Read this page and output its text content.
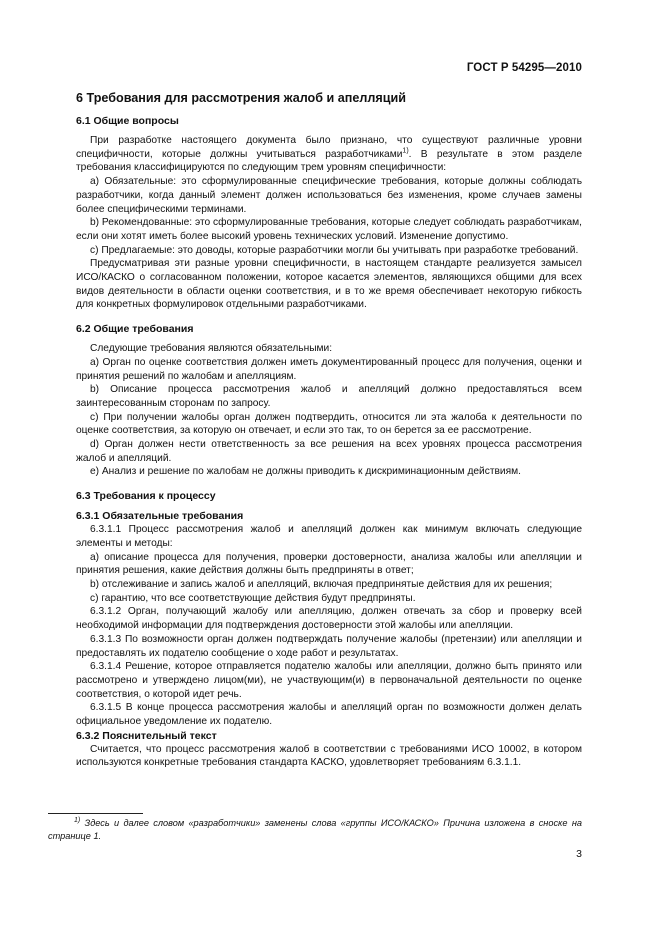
ГОСТ Р 54295—2010
6 Требования для рассмотрения жалоб и апелляций
6.1 Общие вопросы

При разработке настоящего документа было признано, что существуют различные уровни специфичности, которые должны учитываться разработчиками$^{1)}$. В результате в этом разделе требования классифицируются по следующим трем уровням специфичности:

а) Обязательные: это сформулированные специфические требования, которые должны соблюдать разработчики, когда данный элемент должен использоваться без изменения, кроме случаев замены более специфическими терминами.

b) Рекомендованные: это сформулированные требования, которые следует соблюдать разработчикам, если они хотят иметь более высокий уровень технических условий. Изменение допустимо.

с) Предлагаемые: это доводы, которые разработчики могли бы учитывать при разработке требований.

Предусматривая эти разные уровни специфичности, в настоящем стандарте реализуется замысел ИСО/КАСКО о согласованном положении, которое касается элементов, являющихся общими для всех видов деятельности в области оценки соответствия, и в то же время обеспечивает некоторую гибкость для конкретных формулировок отдельными разработчиками.

6.2 Общие требования

Следующие требования являются обязательными:

а) Орган по оценке соответствия должен иметь документированный процесс для получения, оценки и принятия решений по жалобам и апелляциям.

b) Описание процесса рассмотрения жалоб и апелляций должно предоставляться всем заинтересованным сторонам по запросу.

с) При получении жалобы орган должен подтвердить, относится ли эта жалоба к деятельности по оценке соответствия, за которую он отвечает, и если это так, то он берется за ее рассмотрение.

d) Орган должен нести ответственность за все решения на всех уровнях процесса рассмотрения жалоб и апелляций.

е) Анализ и решение по жалобам не должны приводить к дискриминационным действиям.

6.3 Требования к процессу
6.3.1 Обязательные требования

6.3.1.1 Процесс рассмотрения жалоб и апелляций должен как минимум включать следующие элементы и методы:

а) описание процесса для получения, проверки достоверности, анализа жалобы или апелляции и принятия решения, какие действия должны быть предприняты в ответ;

b) отслеживание и запись жалоб и апелляций, включая предпринятые действия для их решения;

с) гарантию, что все соответствующие действия будут предприняты.

6.3.1.2 Орган, получающий жалобу или апелляцию, должен отвечать за сбор и проверку всей необходимой информации для подтверждения достоверности этой жалобы или апелляции.

6.3.1.3 По возможности орган должен подтверждать получение жалобы (претензии) или апелляции и предоставлять их подателю сообщение о ходе работ и результатах.

6.3.1.4 Решение, которое отправляется подателю жалобы или апелляции, должно быть принято или рассмотрено и утверждено лицом(ми), не участвующим(и) в первоначальной деятельности по оценке соответствия, о которой идет речь.

6.3.1.5 В конце процесса рассмотрения жалобы и апелляций орган по возможности должен делать официальное уведомление их подателю.

6.3.2 Пояснительный текст

Считается, что процесс рассмотрения жалоб в соответствии с требованиями ИСО 10002, в котором используются конкретные требования стандарта КАСКО, удовлетворяет требованиям 6.3.1.1.

$^{1)}$ Здесь и далее словом «разработчики» заменены слова «группы ИСО/КАСКО» Причина изложена в сноске на странице 1.
3
